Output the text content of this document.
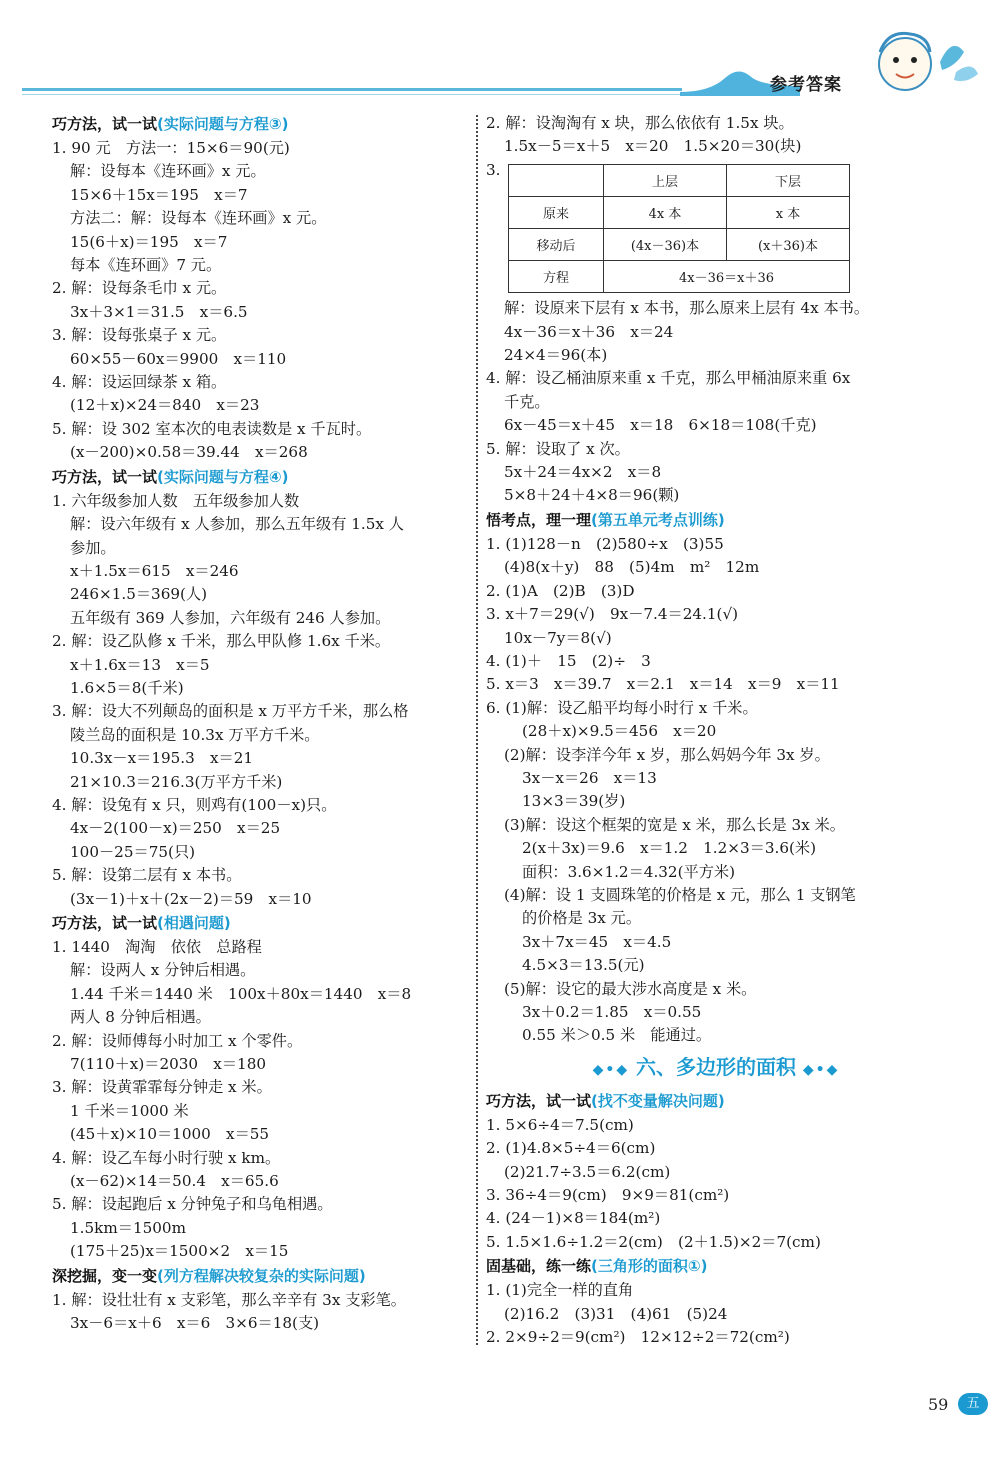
参考答案
巧方法，试一试(实际问题与方程③)
1. 90 元　方法一：15×6＝90(元)
解：设每本《连环画》x 元。
15×6＋15x＝195　x＝7
方法二：解：设每本《连环画》x 元。
15(6＋x)＝195　x＝7
每本《连环画》7 元。
2. 解：设每条毛巾 x 元。
3x＋3×1＝31.5　x＝6.5
3. 解：设每张桌子 x 元。
60×55－60x＝9900　x＝110
4. 解：设运回绿茶 x 箱。
(12＋x)×24＝840　x＝23
5. 解：设 302 室本次的电表读数是 x 千瓦时。
(x－200)×0.58＝39.44　x＝268
巧方法，试一试(实际问题与方程④)
1. 六年级参加人数　五年级参加人数
解：设六年级有 x 人参加，那么五年级有 1.5x 人
参加。
x＋1.5x＝615　x＝246
246×1.5＝369(人)
五年级有 369 人参加，六年级有 246 人参加。
2. 解：设乙队修 x 千米，那么甲队修 1.6x 千米。
x＋1.6x＝13　x＝5
1.6×5＝8(千米)
3. 解：设大不列颠岛的面积是 x 万平方千米，那么格
陵兰岛的面积是 10.3x 万平方千米。
10.3x－x＝195.3　x＝21
21×10.3＝216.3(万平方千米)
4. 解：设兔有 x 只，则鸡有(100－x)只。
4x－2(100－x)＝250　x＝25
100－25＝75(只)
5. 解：设第二层有 x 本书。
(3x－1)＋x＋(2x－2)＝59　x＝10
巧方法，试一试(相遇问题)
1. 1440　淘淘　依依　总路程
解：设两人 x 分钟后相遇。
1.44 千米＝1440 米　100x＋80x＝1440　x＝8
两人 8 分钟后相遇。
2. 解：设师傅每小时加工 x 个零件。
7(110＋x)＝2030　x＝180
3. 解：设黄霏霏每分钟走 x 米。
1 千米＝1000 米
(45＋x)×10＝1000　x＝55
4. 解：设乙车每小时行驶 x km。
(x－62)×14＝50.4　x＝65.6
5. 解：设起跑后 x 分钟兔子和乌龟相遇。
1.5km＝1500m
(175＋25)x＝1500×2　x＝15
深挖掘，变一变(列方程解决较复杂的实际问题)
1. 解：设壮壮有 x 支彩笔，那么辛辛有 3x 支彩笔。
3x－6＝x＋6　x＝6　3×6＝18(支)
2. 解：设淘淘有 x 块，那么依依有 1.5x 块。
1.5x－5＝x＋5　x＝20　1.5×20＝30(块)
3.
	上层	下层
原来	4x 本	x 本
移动后	(4x－36)本	(x＋36)本
方程	4x－36＝x＋36	
解：设原来下层有 x 本书，那么原来上层有 4x 本书。
4x－36＝x＋36　x＝24
24×4＝96(本)
4. 解：设乙桶油原来重 x 千克，那么甲桶油原来重 6x
千克。
6x－45＝x＋45　x＝18　6×18＝108(千克)
5. 解：设取了 x 次。
5x＋24＝4x×2　x＝8
5×8＋24＋4×8＝96(颗)
悟考点，理一理(第五单元考点训练)
1. (1)128－n　(2)580÷x　(3)55
(4)8(x＋y)　88　(5)4m　m²　12m
2. (1)A　(2)B　(3)D
3. x＋7＝29(√)　9x－7.4＝24.1(√)
10x－7y＝8(√)
4. (1)＋　15　(2)÷　3
5. x＝3　x＝39.7　x＝2.1　x＝14　x＝9　x＝11
6. (1)解：设乙船平均每小时行 x 千米。
(28＋x)×9.5＝456　x＝20
(2)解：设李洋今年 x 岁，那么妈妈今年 3x 岁。
3x－x＝26　x＝13
13×3＝39(岁)
(3)解：设这个框架的宽是 x 米，那么长是 3x 米。
2(x＋3x)＝9.6　x＝1.2　1.2×3＝3.6(米)
面积：3.6×1.2＝4.32(平方米)
(4)解：设 1 支圆珠笔的价格是 x 元，那么 1 支钢笔
的价格是 3x 元。
3x＋7x＝45　x＝4.5
4.5×3＝13.5(元)
(5)解：设它的最大涉水高度是 x 米。
3x＋0.2＝1.85　x＝0.55
0.55 米＞0.5 米　能通过。
◆•◆ 六、多边形的面积 ◆•◆
巧方法，试一试(找不变量解决问题)
1. 5×6÷4＝7.5(cm)
2. (1)4.8×5÷4＝6(cm)
(2)21.7÷3.5＝6.2(cm)
3. 36÷4＝9(cm)　9×9＝81(cm²)
4. (24－1)×8＝184(m²)
5. 1.5×1.6÷1.2＝2(cm)　(2＋1.5)×2＝7(cm)
固基础，练一练(三角形的面积①)
1. (1)完全一样的直角
(2)16.2　(3)31　(4)61　(5)24
2. 2×9÷2＝9(cm²)　12×12÷2＝72(cm²)
59	五
